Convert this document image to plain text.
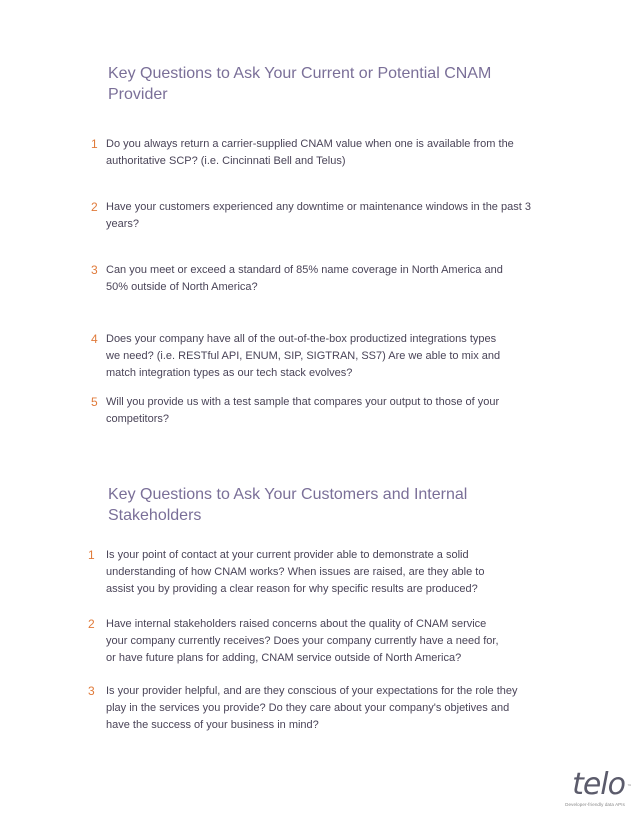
Key Questions to Ask Your Current or Potential CNAM Provider
1 Do you always return a carrier-supplied CNAM value when one is available from the authoritative SCP? (i.e. Cincinnati Bell and Telus)

2 Have your customers experienced any downtime or maintenance windows in the past 3 years?

3 Can you meet or exceed a standard of 85% name coverage in North America and 50% outside of North America?

4 Does your company have all of the out-of-the-box productized integrations types we need? (i.e. RESTful API, ENUM, SIP, SIGTRAN, SS7) Are we able to mix and match integration types as our tech stack evolves?

5 Will you provide us with a test sample that compares your output to those of your competitors?

Key Questions to Ask Your Customers and Internal Stakeholders
1 Is your point of contact at your current provider able to demonstrate a solid understanding of how CNAM works? When issues are raised, are they able to assist you by providing a clear reason for why specific results are produced?

2 Have internal stakeholders raised concerns about the quality of CNAM service your company currently receives? Does your company currently have a need for, or have future plans for adding, CNAM service outside of North America?

3 Is your provider helpful, and are they conscious of your expectations for the role they play in the services you provide? Do they care about your company's objetives and have the success of your business in mind?

telo ™
Developer-friendly data APIs
